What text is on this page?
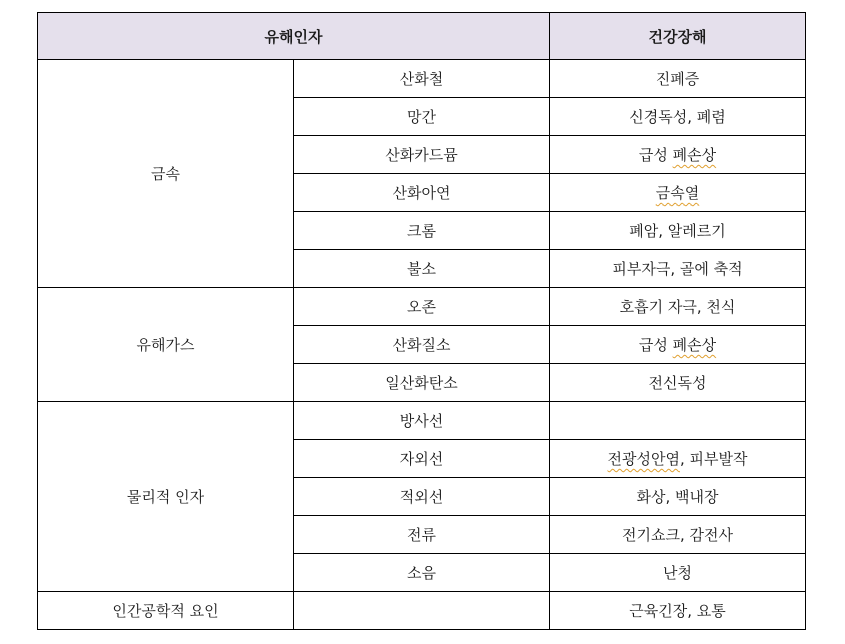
유해인자		건강장해
금속	산화철	진폐증
	망간	신경독성, 폐렴
	산화카드뮴	급성 폐손상
	산화아연	금속열
	크롬	폐암, 알레르기
	불소	피부자극, 골에 축적
유해가스	오존	호흡기 자극, 천식
	산화질소	급성 폐손상
	일산화탄소	전신독성
물리적 인자	방사선	
	자외선	전광성안염, 피부발작
	적외선	화상, 백내장
	전류	전기쇼크, 감전사
	소음	난청
인간공학적 요인		근육긴장, 요통
